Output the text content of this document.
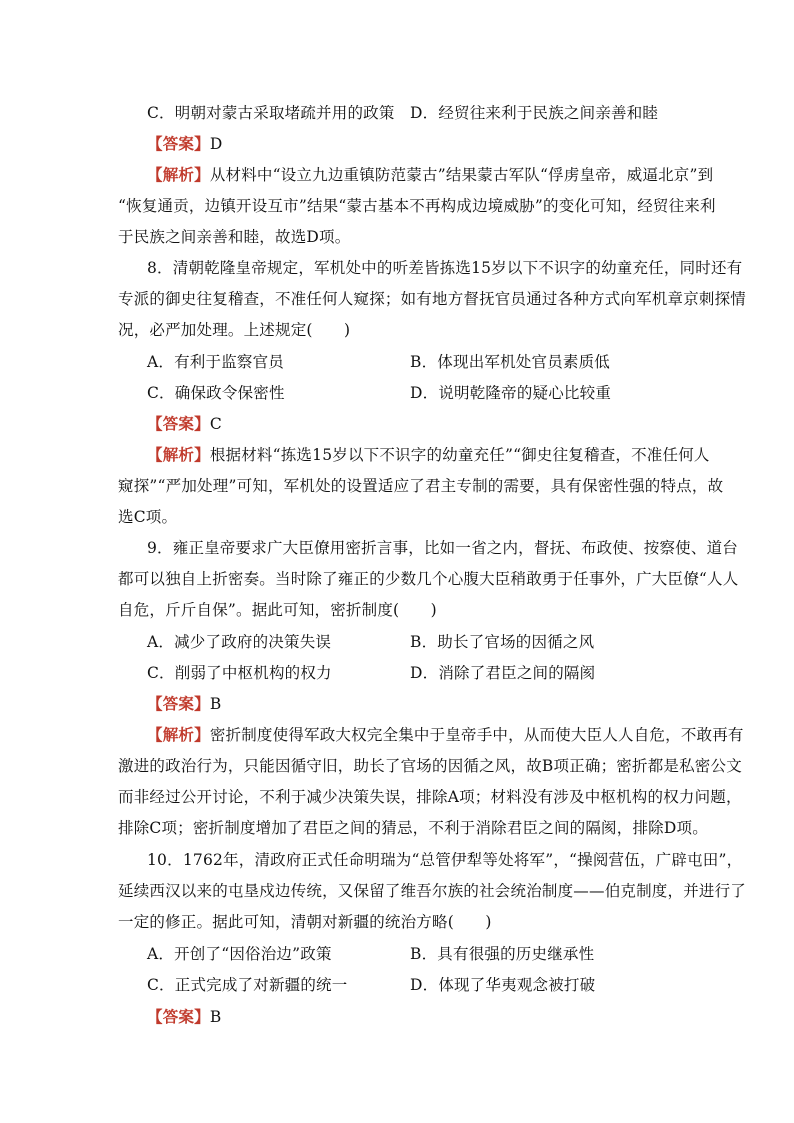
C．明朝对蒙古采取堵疏并用的政策 D．经贸往来利于民族之间亲善和睦
【答案】D
【解析】从材料中“设立九边重镇防范蒙古”结果蒙古军队“俘虏皇帝，威逼北京”到
“恢复通贡，边镇开设互市”结果“蒙古基本不再构成边境威胁”的变化可知，经贸往来利
于民族之间亲善和睦，故选D项。
8．清朝乾隆皇帝规定，军机处中的听差皆拣选15岁以下不识字的幼童充任，同时还有
专派的御史往复稽查，不准任何人窥探；如有地方督抚官员通过各种方式向军机章京刺探情
况，必严加处理。上述规定(　　)
A．有利于监察官员	B．体现出军机处官员素质低
C．确保政令保密性	D．说明乾隆帝的疑心比较重
【答案】C
【解析】根据材料“拣选15岁以下不识字的幼童充任”“御史往复稽查，不准任何人
窥探”“严加处理”可知，军机处的设置适应了君主专制的需要，具有保密性强的特点，故
选C项。
9．雍正皇帝要求广大臣僚用密折言事，比如一省之内，督抚、布政使、按察使、道台
都可以独自上折密奏。当时除了雍正的少数几个心腹大臣稍敢勇于任事外，广大臣僚“人人
自危，斤斤自保”。据此可知，密折制度(　　)
A．减少了政府的决策失误	B．助长了官场的因循之风
C．削弱了中枢机构的权力	D．消除了君臣之间的隔阂
【答案】B
【解析】密折制度使得军政大权完全集中于皇帝手中，从而使大臣人人自危，不敢再有
激进的政治行为，只能因循守旧，助长了官场的因循之风，故B项正确；密折都是私密公文
而非经过公开讨论，不利于减少决策失误，排除A项；材料没有涉及中枢机构的权力问题，
排除C项；密折制度增加了君臣之间的猜忌，不利于消除君臣之间的隔阂，排除D项。
10．1762年，清政府正式任命明瑞为“总管伊犁等处将军”，“操阅营伍，广辟屯田”，
延续西汉以来的屯垦戍边传统，又保留了维吾尔族的社会统治制度——伯克制度，并进行了
一定的修正。据此可知，清朝对新疆的统治方略(　　)
A．开创了“因俗治边”政策	B．具有很强的历史继承性
C．正式完成了对新疆的统一	D．体现了华夷观念被打破
【答案】B
